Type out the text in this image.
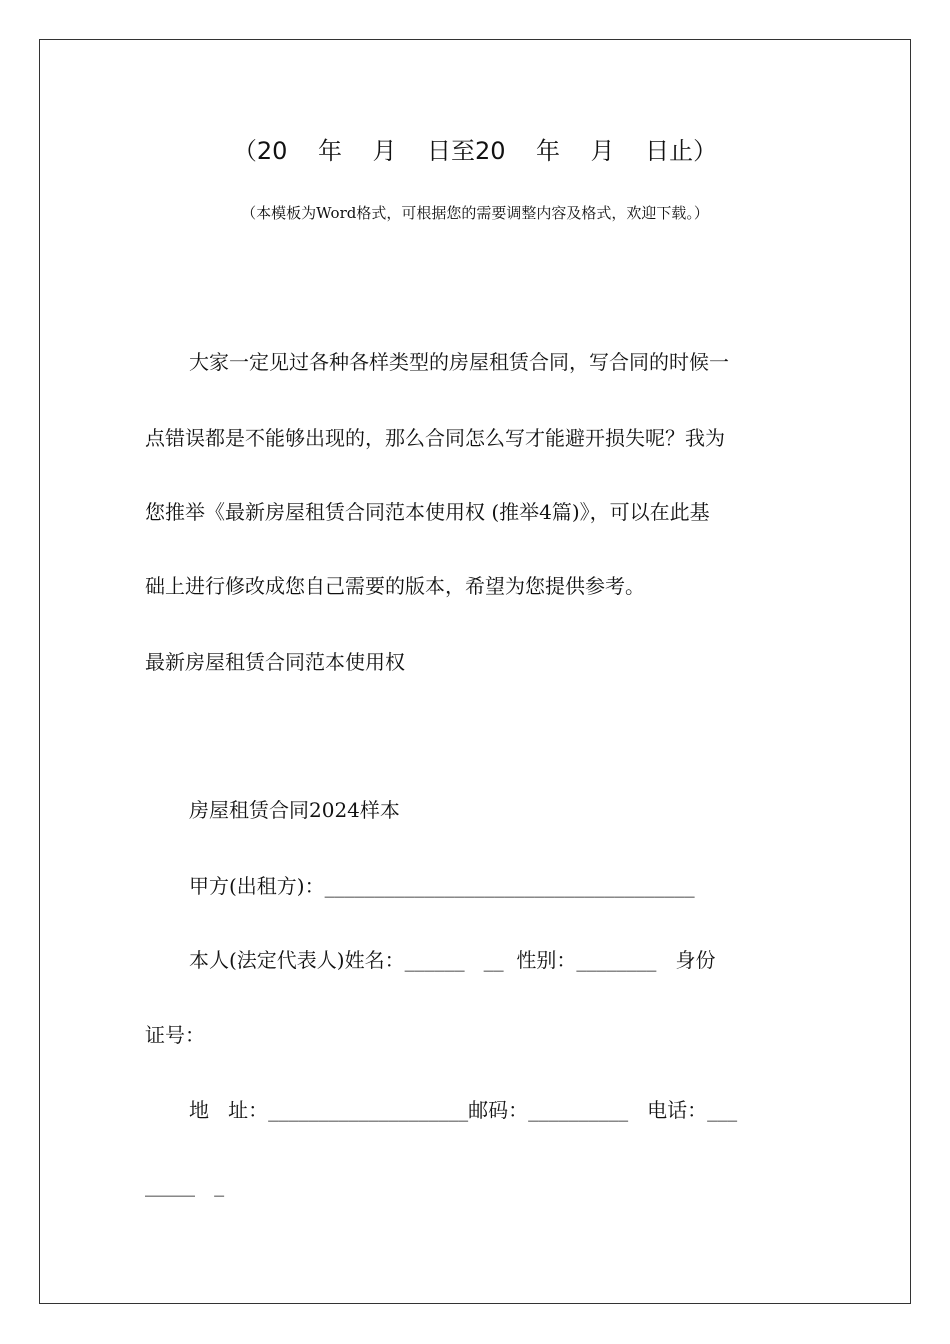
（20    年    月    日至20    年    月    日止）
（本模板为Word格式，可根据您的需要调整内容及格式，欢迎下载。）
大家一定见过各种各样类型的房屋租赁合同，写合同的时候一
点错误都是不能够出现的，那么合同怎么写才能避开损失呢？我为
您推举《最新房屋租赁合同范本使用权 (推举4篇)》，可以在此基
础上进行修改成您自己需要的版本，希望为您提供参考。
最新房屋租赁合同范本使用权
房屋租赁合同2024样本
甲方(出租方)：_____________________________________
本人(法定代表人)姓名：______   __  性别：________   身份
证号：
地   址：____________________邮码：__________   电话：___
_____   _
